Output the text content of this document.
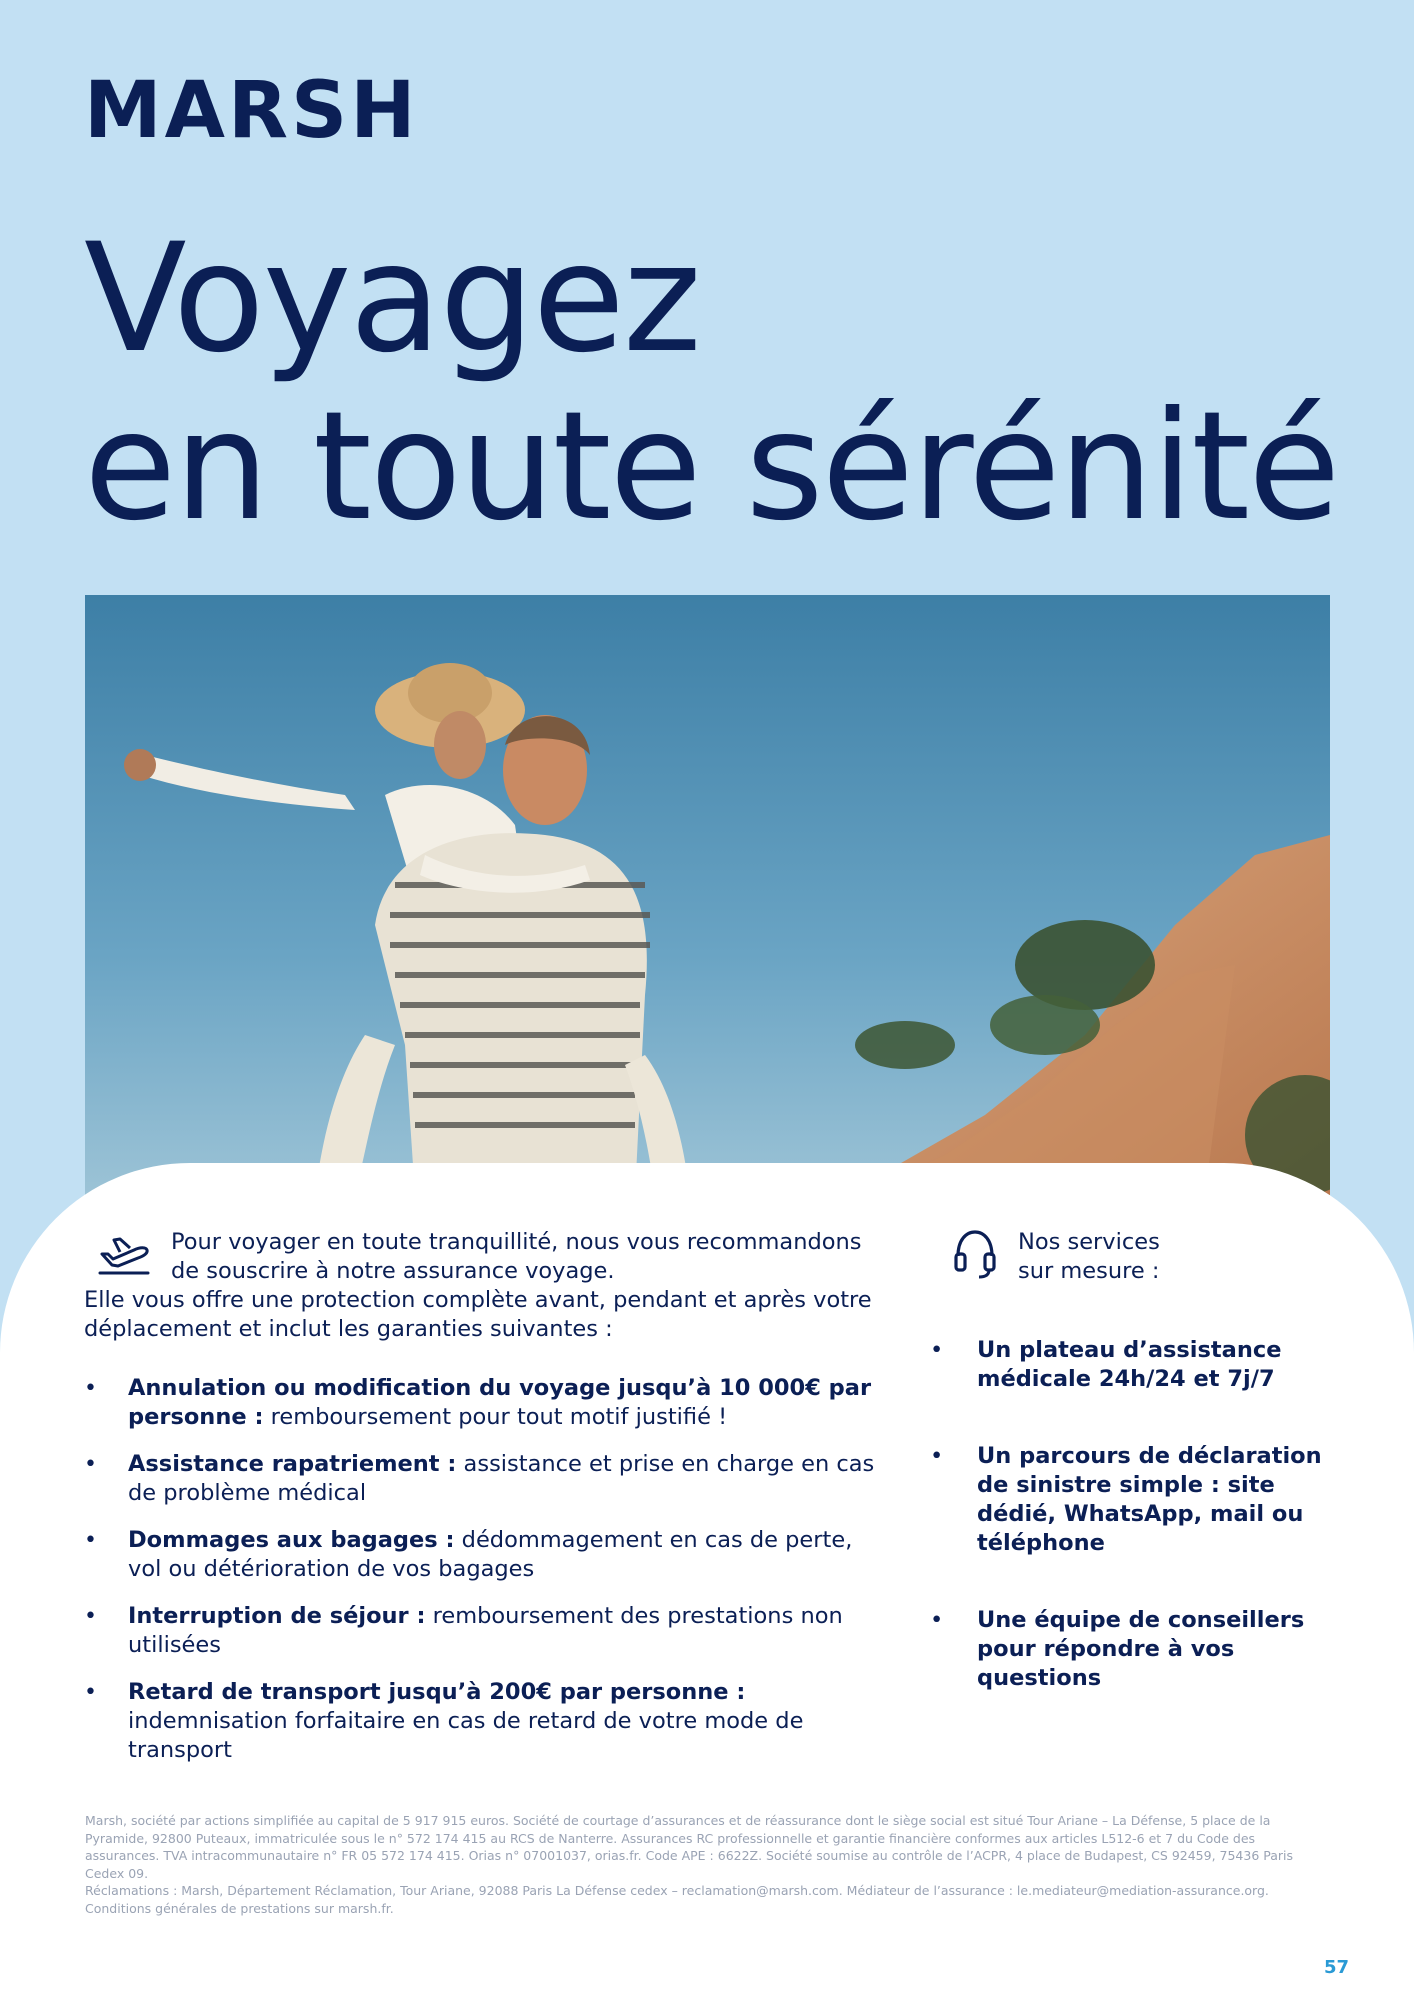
MARSH
Voyagez
en toute sérénité
Pour voyager en toute tranquillité, nous vous recommandons de souscrire à notre assurance voyage.
Elle vous offre une protection complète avant, pendant et après votre déplacement et inclut les garanties suivantes :
• Annulation ou modification du voyage jusqu’à 10 000€ par personne : remboursement pour tout motif justifié !
• Assistance rapatriement : assistance et prise en charge en cas de problème médical
• Dommages aux bagages : dédommagement en cas de perte, vol ou détérioration de vos bagages
• Interruption de séjour : remboursement des prestations non utilisées
• Retard de transport jusqu’à 200€ par personne : indemnisation forfaitaire en cas de retard de votre mode de transport
Nos services
sur mesure :
• Un plateau d’assistance médicale 24h/24 et 7j/7
• Un parcours de déclaration de sinistre simple : site dédié, WhatsApp, mail ou téléphone
• Une équipe de conseillers pour répondre à vos questions
Marsh, société par actions simplifiée au capital de 5 917 915 euros. Société de courtage d’assurances et de réassurance dont le siège social est situé Tour Ariane – La Défense, 5 place de la Pyramide, 92800 Puteaux, immatriculée sous le n° 572 174 415 au RCS de Nanterre. Assurances RC professionnelle et garantie financière conformes aux articles L512-6 et 7 du Code des assurances. TVA intracommunautaire n° FR 05 572 174 415. Orias n° 07001037, orias.fr. Code APE : 6622Z. Société soumise au contrôle de l’ACPR, 4 place de Budapest, CS 92459, 75436 Paris Cedex 09.
Réclamations : Marsh, Département Réclamation, Tour Ariane, 92088 Paris La Défense cedex – reclamation@marsh.com. Médiateur de l’assurance : le.mediateur@mediation-assurance.org.
Conditions générales de prestations sur marsh.fr.
57
